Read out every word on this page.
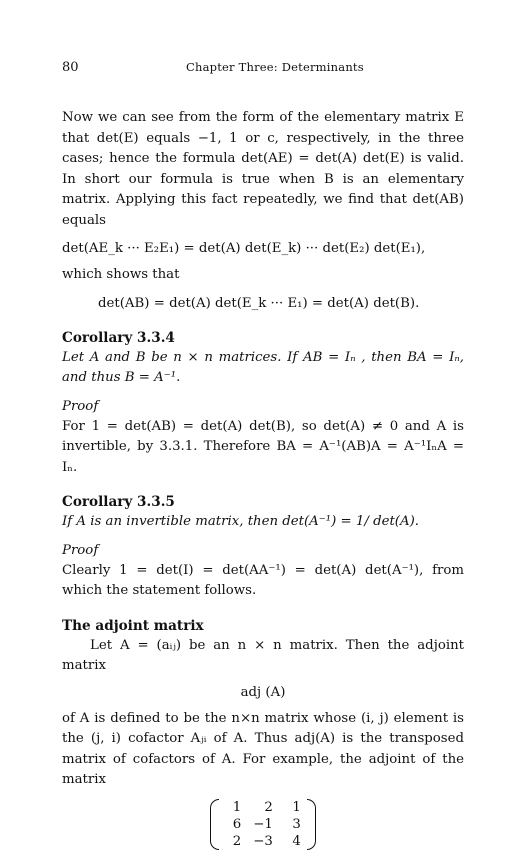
80	Chapter Three: Determinants

Now we can see from the form of the elementary matrix E that det(E) equals −1, 1 or c, respectively, in the three cases; hence the formula det(AE) = det(A) det(E) is valid. In short our formula is true when B is an elementary matrix. Applying this fact repeatedly, we find that det(AB) equals

det(AE_k ··· E₂E₁) = det(A) det(E_k) ··· det(E₂) det(E₁),

which shows that

det(AB) = det(A) det(E_k ··· E₁) = det(A) det(B).
Corollary 3.3.4

Let A and B be n × n matrices. If AB = Iₙ , then BA = Iₙ, and thus B = A⁻¹.

Proof

For 1 = det(AB) = det(A) det(B), so det(A) ≠ 0 and A is invertible, by 3.3.1. Therefore BA = A⁻¹(AB)A = A⁻¹IₙA = Iₙ.

Corollary 3.3.5

If A is an invertible matrix, then det(A⁻¹) = 1/ det(A).

Proof

Clearly 1 = det(I) = det(AA⁻¹) = det(A) det(A⁻¹), from which the statement follows.

The adjoint matrix

Let A = (aᵢⱼ) be an n × n matrix. Then the adjoint matrix

adj (A)

of A is defined to be the n×n matrix whose (i, j) element is the (j, i) cofactor Aⱼᵢ of A. Thus adj(A) is the transposed matrix of cofactors of A. For example, the adjoint of the matrix

1	2	1
6	−1	3
2	−3	4
